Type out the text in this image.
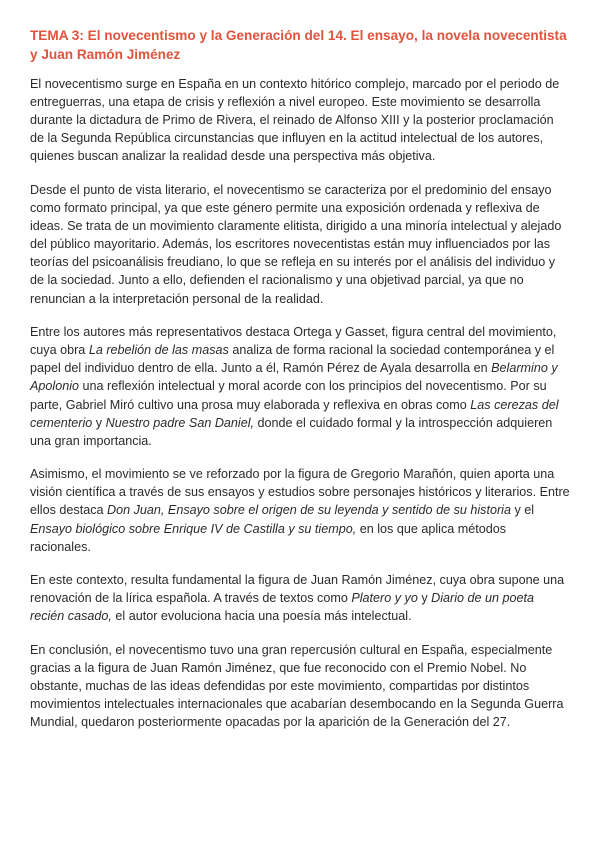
TEMA 3: El novecentismo y la Generación del 14. El ensayo, la novela novecentista y Juan Ramón Jiménez

El novecentismo surge en España en un contexto hitórico complejo, marcado por el periodo de entreguerras, una etapa de crisis y reflexión a nivel europeo. Este movimiento se desarrolla durante la dictadura de Primo de Rivera, el reinado de Alfonso XIII y la posterior proclamación de la Segunda República circunstancias que influyen en la actitud intelectual de los autores, quienes buscan analizar la realidad desde una perspectiva más objetiva.

Desde el punto de vista literario, el novecentismo se caracteriza por el predominio del ensayo como formato principal, ya que este género permite una exposición ordenada y reflexiva de ideas. Se trata de un movimiento claramente elitista, dirigido a una minoría intelectual y alejado del público mayoritario. Además, los escritores novecentistas están muy influenciados por las teorías del psicoanálisis freudiano, lo que se refleja en su interés por el análisis del individuo y de la sociedad. Junto a ello, defienden el racionalismo y una objetivad parcial, ya que no renuncian a la interpretación personal de la realidad.

Entre los autores más representativos destaca Ortega y Gasset, figura central del movimiento, cuya obra La rebelión de las masas analiza de forma racional la sociedad contemporánea y el papel del individuo dentro de ella. Junto a él, Ramón Pérez de Ayala desarrolla en Belarmino y Apolonio una reflexión intelectual y moral acorde con los principios del novecentismo. Por su parte, Gabriel Miró cultivo una prosa muy elaborada y reflexiva en obras como Las cerezas del cementerio y Nuestro padre San Daniel, donde el cuidado formal y la introspección adquieren una gran importancia.

Asimismo, el movimiento se ve reforzado por la figura de Gregorio Marañón, quien aporta una visión científica a través de sus ensayos y estudios sobre personajes históricos y literarios. Entre ellos destaca Don Juan, Ensayo sobre el origen de su leyenda y sentido de su historia y el Ensayo biológico sobre Enrique IV de Castilla y su tiempo, en los que aplica métodos racionales.

En este contexto, resulta fundamental la figura de Juan Ramón Jiménez, cuya obra supone una renovación de la lírica española. A través de textos como Platero y yo y Diario de un poeta recién casado, el autor evoluciona hacia una poesía más intelectual.

En conclusión, el novecentismo tuvo una gran repercusión cultural en España, especialmente gracias a la figura de Juan Ramón Jiménez, que fue reconocido con el Premio Nobel. No obstante, muchas de las ideas defendidas por este movimiento, compartidas por distintos movimientos intelectuales internacionales que acabarían desembocando en la Segunda Guerra Mundial, quedaron posteriormente opacadas por la aparición de la Generación del 27.
